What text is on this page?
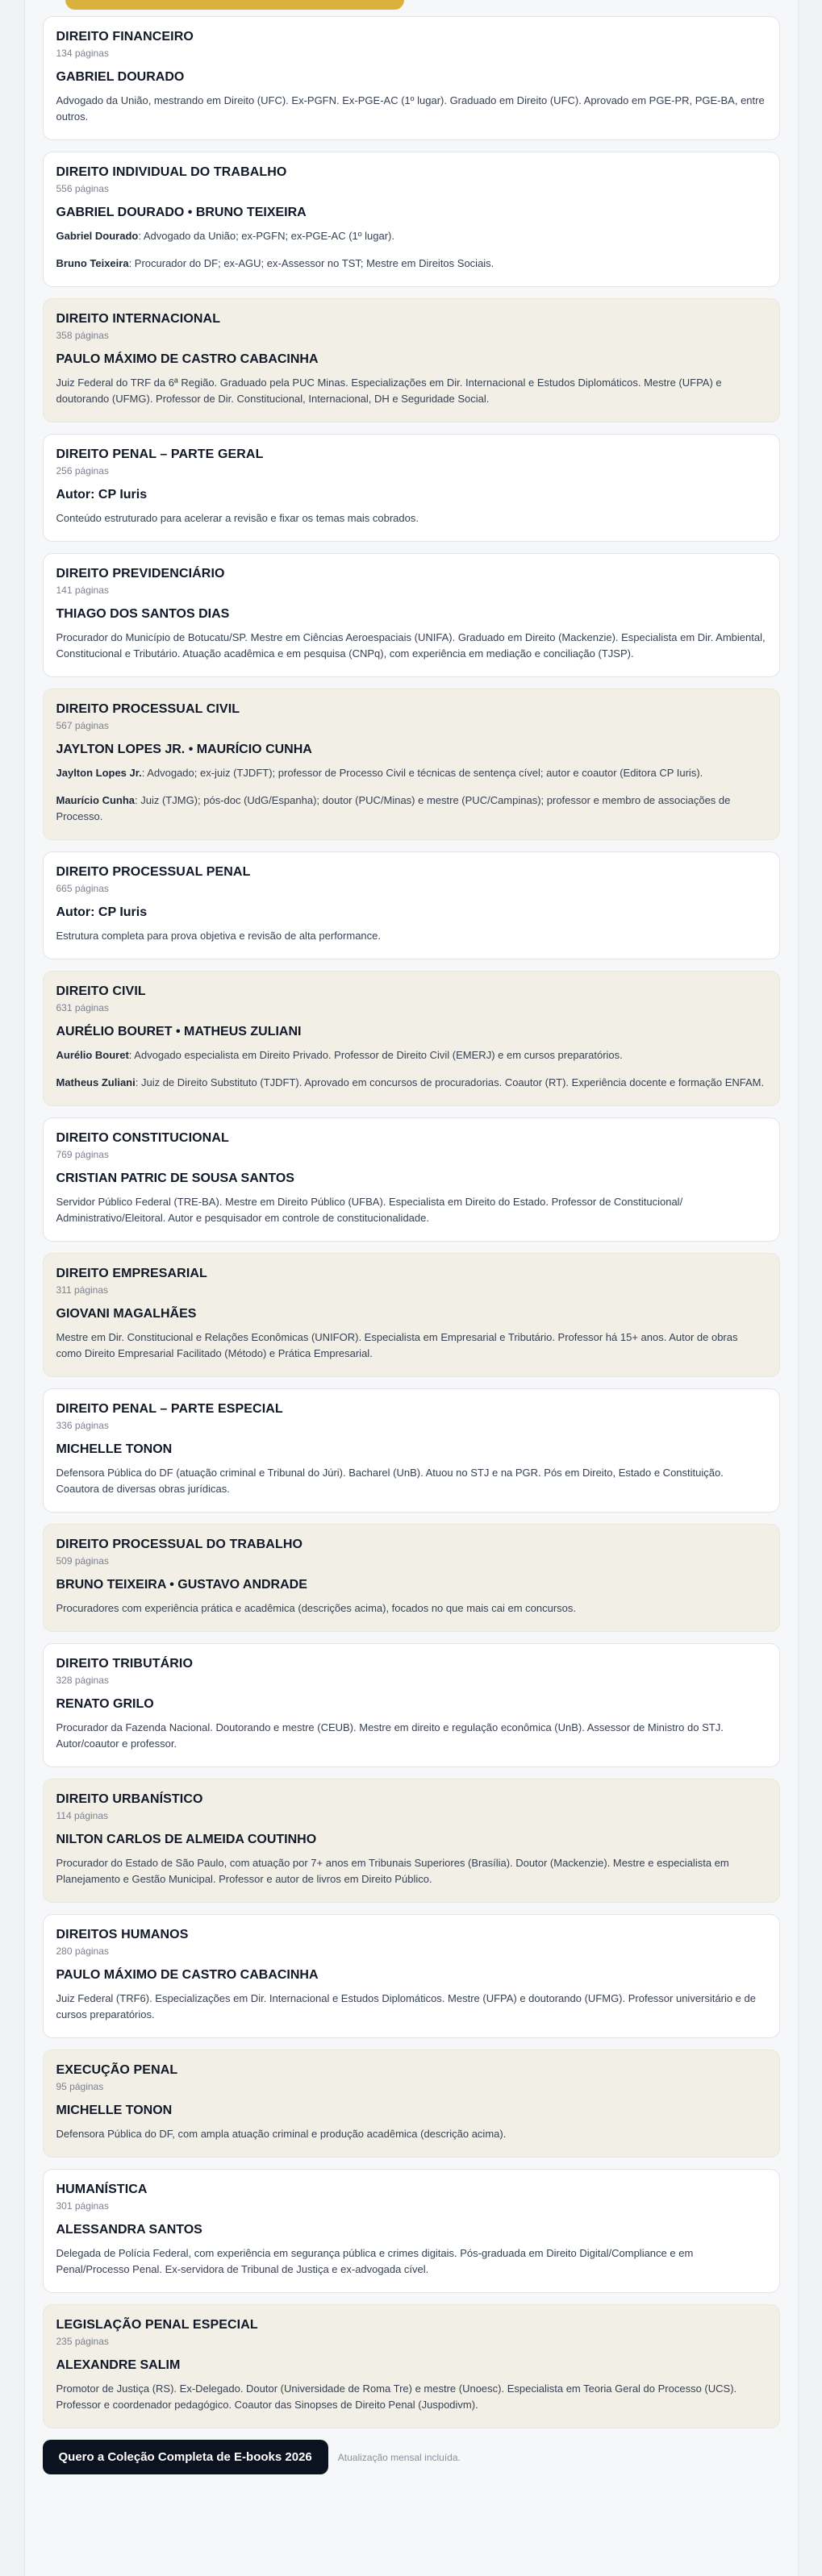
DIREITO FINANCEIRO
134 páginas
GABRIEL DOURADO
Advogado da União, mestrando em Direito (UFC). Ex-PGFN. Ex-PGE-AC (1º lugar). Graduado em Direito (UFC). Aprovado em PGE-PR, PGE-BA, entre outros.
DIREITO INDIVIDUAL DO TRABALHO
556 páginas
GABRIEL DOURADO • BRUNO TEIXEIRA
Gabriel Dourado: Advogado da União; ex-PGFN; ex-PGE-AC (1º lugar).
Bruno Teixeira: Procurador do DF; ex-AGU; ex-Assessor no TST; Mestre em Direitos Sociais.
DIREITO INTERNACIONAL
358 páginas
PAULO MÁXIMO DE CASTRO CABACINHA
Juiz Federal do TRF da 6ª Região. Graduado pela PUC Minas. Especializações em Dir. Internacional e Estudos Diplomáticos. Mestre (UFPA) e doutorando (UFMG). Professor de Dir. Constitucional, Internacional, DH e Seguridade Social.
DIREITO PENAL – PARTE GERAL
256 páginas
Autor: CP Iuris
Conteúdo estruturado para acelerar a revisão e fixar os temas mais cobrados.
DIREITO PREVIDENCIÁRIO
141 páginas
THIAGO DOS SANTOS DIAS
Procurador do Município de Botucatu/SP. Mestre em Ciências Aeroespaciais (UNIFA). Graduado em Direito (Mackenzie). Especialista em Dir. Ambiental, Constitucional e Tributário. Atuação acadêmica e em pesquisa (CNPq), com experiência em mediação e conciliação (TJSP).
DIREITO PROCESSUAL CIVIL
567 páginas
JAYLTON LOPES JR. • MAURÍCIO CUNHA
Jaylton Lopes Jr.: Advogado; ex-juiz (TJDFT); professor de Processo Civil e técnicas de sentença cível; autor e coautor (Editora CP Iuris).
Maurício Cunha: Juiz (TJMG); pós-doc (UdG/Espanha); doutor (PUC/Minas) e mestre (PUC/Campinas); professor e membro de associações de Processo.
DIREITO PROCESSUAL PENAL
665 páginas
Autor: CP Iuris
Estrutura completa para prova objetiva e revisão de alta performance.
DIREITO CIVIL
631 páginas
AURÉLIO BOURET • MATHEUS ZULIANI
Aurélio Bouret: Advogado especialista em Direito Privado. Professor de Direito Civil (EMERJ) e em cursos preparatórios.
Matheus Zuliani: Juiz de Direito Substituto (TJDFT). Aprovado em concursos de procuradorias. Coautor (RT). Experiência docente e formação ENFAM.
DIREITO CONSTITUCIONAL
769 páginas
CRISTIAN PATRIC DE SOUSA SANTOS
Servidor Público Federal (TRE-BA). Mestre em Direito Público (UFBA). Especialista em Direito do Estado. Professor de Constitucional/ Administrativo/Eleitoral. Autor e pesquisador em controle de constitucionalidade.
DIREITO EMPRESARIAL
311 páginas
GIOVANI MAGALHÃES
Mestre em Dir. Constitucional e Relações Econômicas (UNIFOR). Especialista em Empresarial e Tributário. Professor há 15+ anos. Autor de obras como Direito Empresarial Facilitado (Método) e Prática Empresarial.
DIREITO PENAL – PARTE ESPECIAL
336 páginas
MICHELLE TONON
Defensora Pública do DF (atuação criminal e Tribunal do Júri). Bacharel (UnB). Atuou no STJ e na PGR. Pós em Direito, Estado e Constituição. Coautora de diversas obras jurídicas.
DIREITO PROCESSUAL DO TRABALHO
509 páginas
BRUNO TEIXEIRA • GUSTAVO ANDRADE
Procuradores com experiência prática e acadêmica (descrições acima), focados no que mais cai em concursos.
DIREITO TRIBUTÁRIO
328 páginas
RENATO GRILO
Procurador da Fazenda Nacional. Doutorando e mestre (CEUB). Mestre em direito e regulação econômica (UnB). Assessor de Ministro do STJ. Autor/coautor e professor.
DIREITO URBANÍSTICO
114 páginas
NILTON CARLOS DE ALMEIDA COUTINHO
Procurador do Estado de São Paulo, com atuação por 7+ anos em Tribunais Superiores (Brasília). Doutor (Mackenzie). Mestre e especialista em Planejamento e Gestão Municipal. Professor e autor de livros em Direito Público.
DIREITOS HUMANOS
280 páginas
PAULO MÁXIMO DE CASTRO CABACINHA
Juiz Federal (TRF6). Especializações em Dir. Internacional e Estudos Diplomáticos. Mestre (UFPA) e doutorando (UFMG). Professor universitário e de cursos preparatórios.
EXECUÇÃO PENAL
95 páginas
MICHELLE TONON
Defensora Pública do DF, com ampla atuação criminal e produção acadêmica (descrição acima).
HUMANÍSTICA
301 páginas
ALESSANDRA SANTOS
Delegada de Polícia Federal, com experiência em segurança pública e crimes digitais. Pós-graduada em Direito Digital/Compliance e em Penal/Processo Penal. Ex-servidora de Tribunal de Justiça e ex-advogada cível.
LEGISLAÇÃO PENAL ESPECIAL
235 páginas
ALEXANDRE SALIM
Promotor de Justiça (RS). Ex-Delegado. Doutor (Universidade de Roma Tre) e mestre (Unoesc). Especialista em Teoria Geral do Processo (UCS). Professor e coordenador pedagógico. Coautor das Sinopses de Direito Penal (Juspodivm).
Quero a Coleção Completa de E-books 2026	Atualização mensal incluída.
